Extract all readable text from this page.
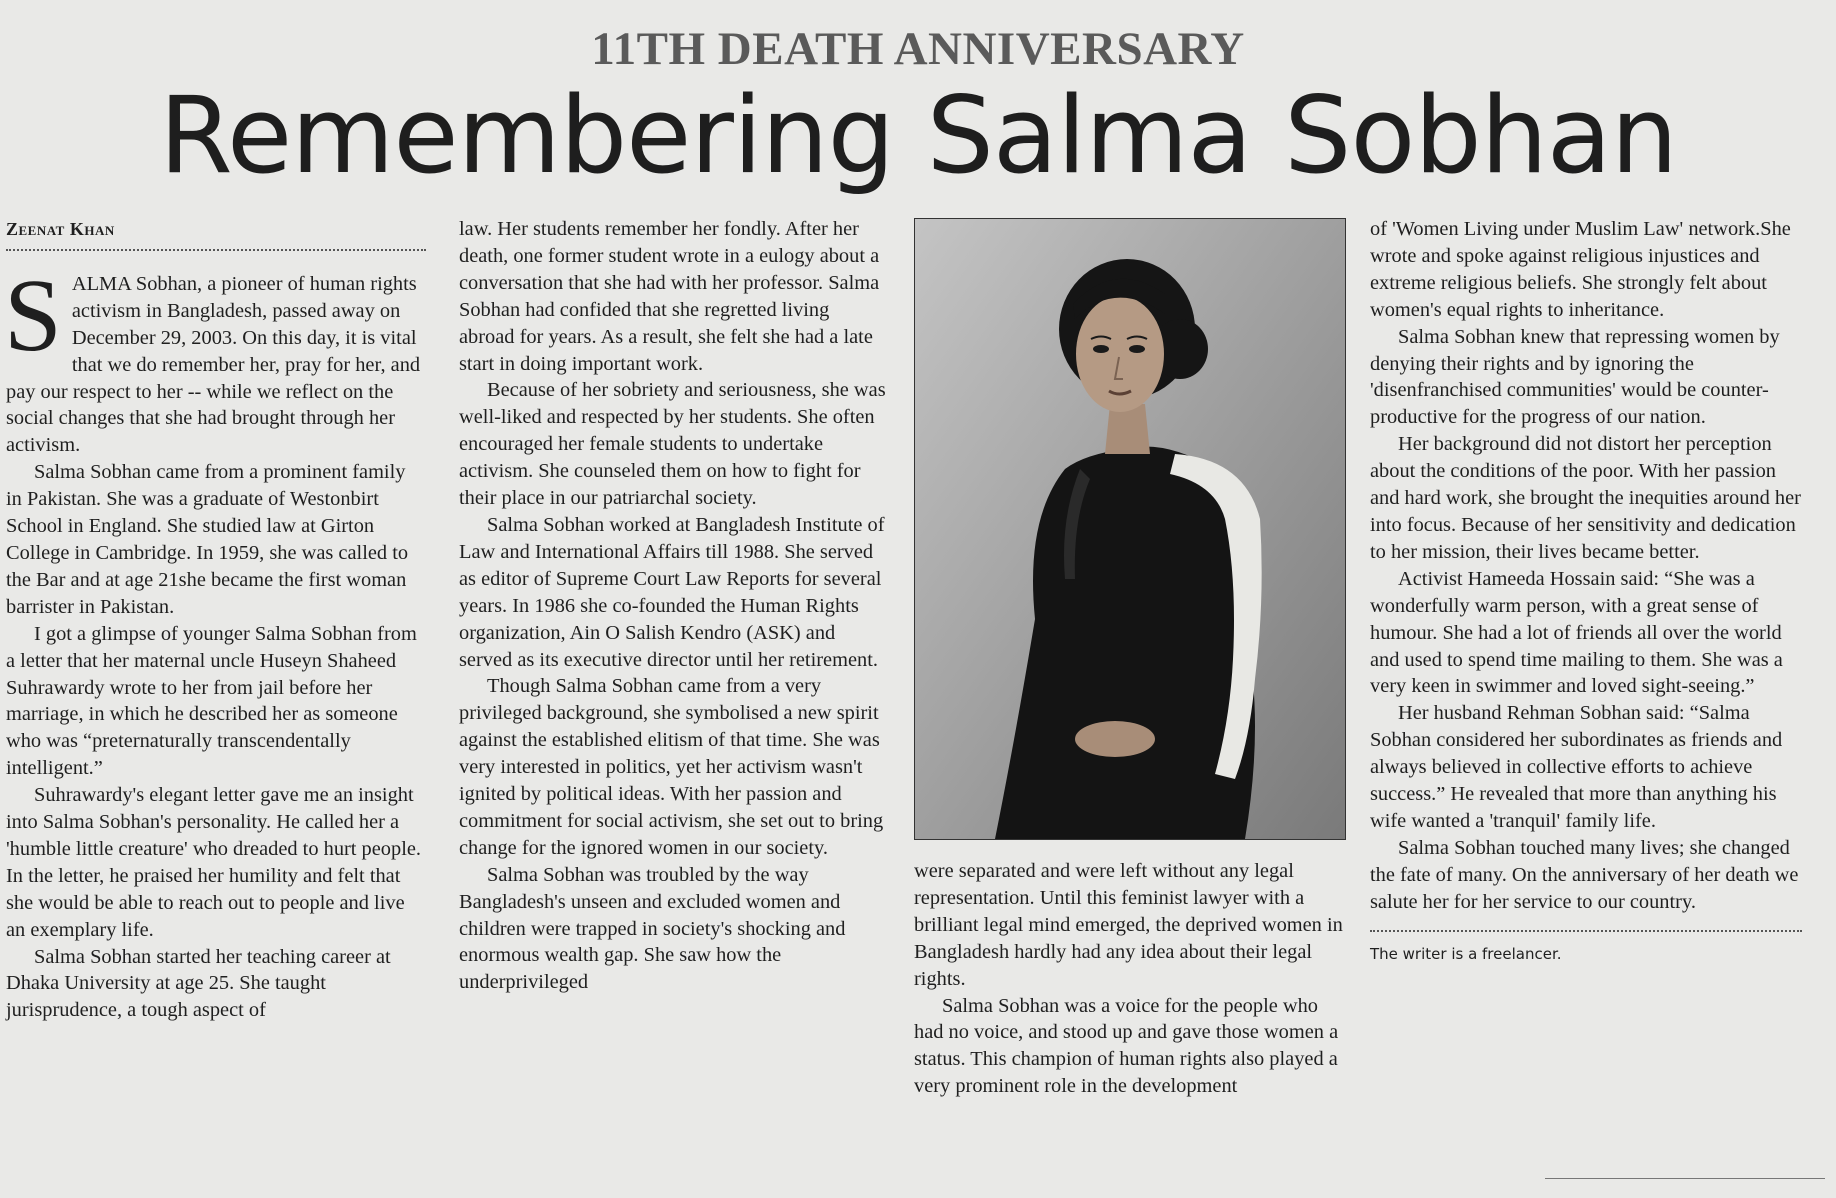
11TH DEATH ANNIVERSARY
Remembering Salma Sobhan
Zeenat Khan
S ALMA Sobhan, a pioneer of human rights activism in Bangladesh, passed away on December 29, 2003. On this day, it is vital that we do remember her, pray for her, and pay our respect to her -- while we reflect on the social changes that she had brought through her activism.

Salma Sobhan came from a prominent family in Pakistan. She was a graduate of Westonbirt School in England. She studied law at Girton College in Cambridge. In 1959, she was called to the Bar and at age 21she became the first woman barrister in Pakistan.

I got a glimpse of younger Salma Sobhan from a letter that her maternal uncle Huseyn Shaheed Suhrawardy wrote to her from jail before her marriage, in which he described her as someone who was “preternaturally transcendentally intelligent.”

Suhrawardy's elegant letter gave me an insight into Salma Sobhan's personality. He called her a 'humble little creature' who dreaded to hurt people. In the letter, he praised her humility and felt that she would be able to reach out to people and live an exemplary life.

Salma Sobhan started her teaching career at Dhaka University at age 25. She taught jurisprudence, a tough aspect of

law. Her students remember her fondly. After her death, one former student wrote in a eulogy about a conversation that she had with her professor. Salma Sobhan had confided that she regretted living abroad for years. As a result, she felt she had a late start in doing important work.

Because of her sobriety and seriousness, she was well-liked and respected by her students. She often encouraged her female students to undertake activism. She counseled them on how to fight for their place in our patriarchal society.

Salma Sobhan worked at Bangladesh Institute of Law and International Affairs till 1988. She served as editor of Supreme Court Law Reports for several years. In 1986 she co-founded the Human Rights organization, Ain O Salish Kendro (ASK) and served as its executive director until her retirement.

Though Salma Sobhan came from a very privileged background, she symbolised a new spirit against the established elitism of that time. She was very interested in politics, yet her activism wasn't ignited by political ideas. With her passion and commitment for social activism, she set out to bring change for the ignored women in our society.

Salma Sobhan was troubled by the way Bangladesh's unseen and excluded women and children were trapped in society's shocking and enormous wealth gap. She saw how the underprivileged

were separated and were left without any legal representation. Until this feminist lawyer with a brilliant legal mind emerged, the deprived women in Bangladesh hardly had any idea about their legal rights.

Salma Sobhan was a voice for the people who had no voice, and stood up and gave those women a status. This champion of human rights also played a very prominent role in the development

of 'Women Living under Muslim Law' network.She wrote and spoke against religious injustices and extreme religious beliefs. She strongly felt about women's equal rights to inheritance.

Salma Sobhan knew that repressing women by denying their rights and by ignoring the 'disenfranchised communities' would be counter-productive for the progress of our nation.

Her background did not distort her perception about the conditions of the poor. With her passion and hard work, she brought the inequities around her into focus. Because of her sensitivity and dedication to her mission, their lives became better.

Activist Hameeda Hossain said: “She was a wonderfully warm person, with a great sense of humour. She had a lot of friends all over the world and used to spend time mailing to them. She was a very keen in swimmer and loved sight-seeing.”

Her husband Rehman Sobhan said: “Salma Sobhan considered her subordinates as friends and always believed in collective efforts to achieve success.” He revealed that more than anything his wife wanted a 'tranquil' family life.

Salma Sobhan touched many lives; she changed the fate of many. On the anniversary of her death we salute her for her service to our country.

The writer is a freelancer.
